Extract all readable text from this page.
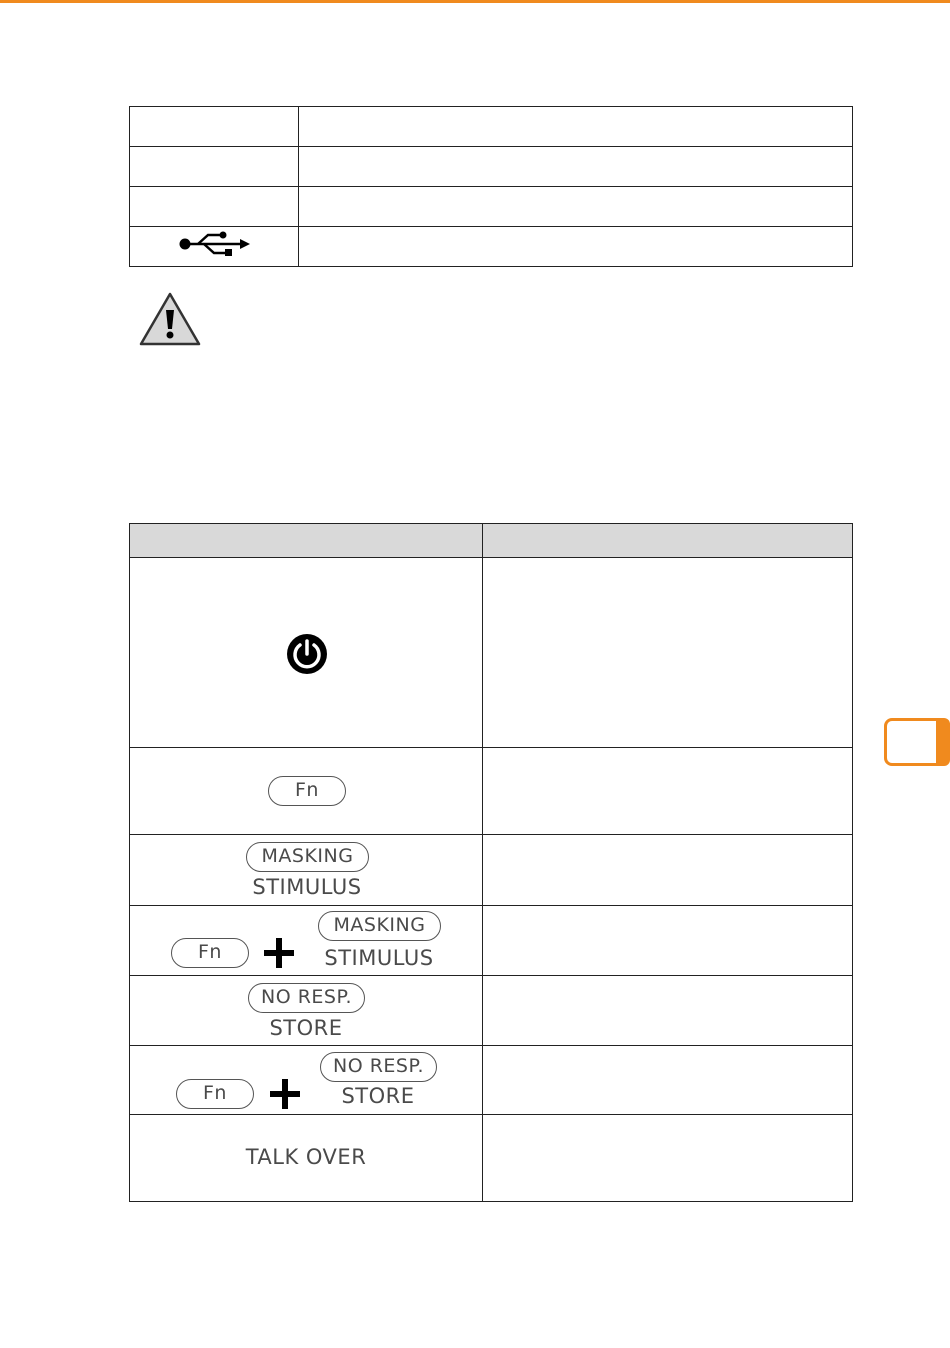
Fn	

MASKING
STIMULUS	

Fn
MASKING
STIMULUS	

NO RESP.
STORE	

Fn
NO RESP.
STORE	

TALK OVER	
